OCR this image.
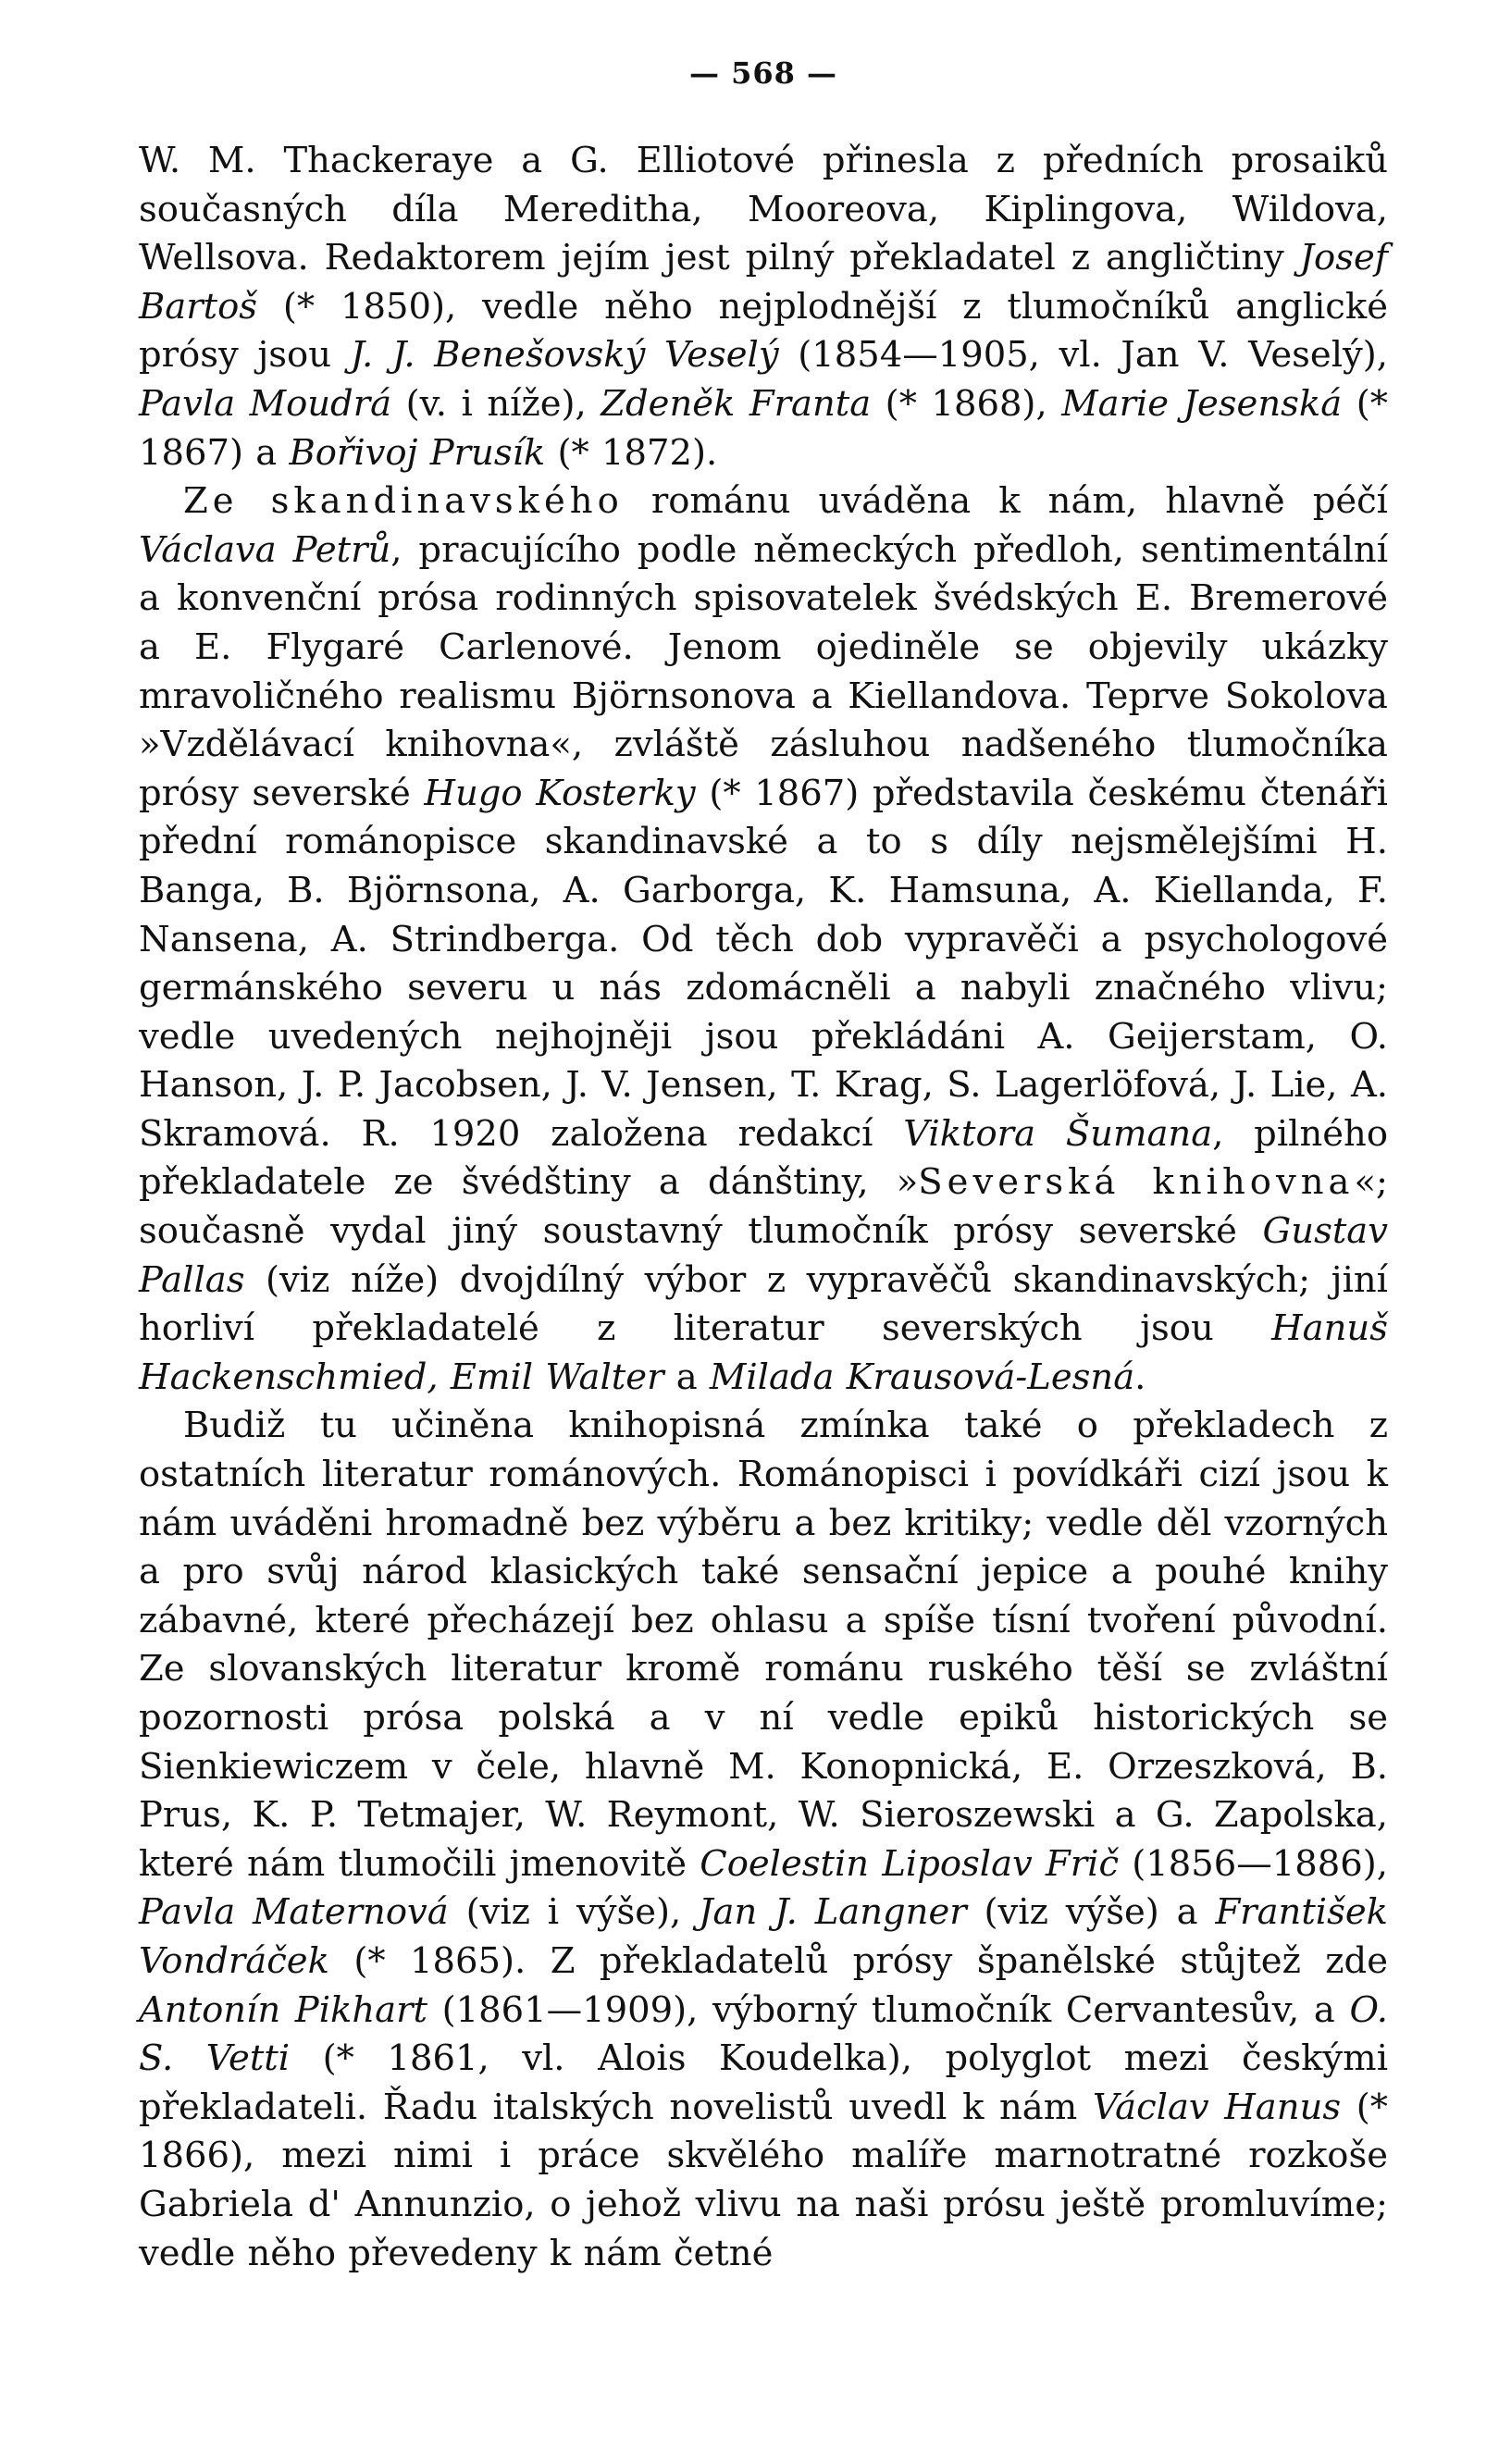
— 568 —

W. M. Thackeraye a G. Elliotové přinesla z předních prosaiků současných díla Mereditha, Mooreova, Kiplingova, Wildova, Wellsova. Redaktorem jejím jest pilný překladatel z angličtiny Josef Bartoš (* 1850), vedle něho nejplodnější z tlumočníků anglické prósy jsou J. J. Benešovský Veselý (1854—1905, vl. Jan V. Veselý), Pavla Moudrá (v. i níže), Zdeněk Franta (* 1868), Marie Jesenská (* 1867) a Bořivoj Prusík (* 1872).

Ze skandinavského románu uváděna k nám, hlavně péčí Václava Petrů, pracujícího podle německých předloh, sentimentální a konvenční prósa rodinných spisovatelek švédských E. Bremerové a E. Flygaré Carlenové. Jenom ojediněle se objevily ukázky mravoličného realismu Björnsonova a Kiellandova. Teprve Sokolova »Vzdělávací knihovna«, zvláště zásluhou nadšeného tlumočníka prósy severské Hugo Kosterky (* 1867) představila českému čtenáři přední románopisce skandinavské a to s díly nejsmělejšími H. Banga, B. Björnsona, A. Garborga, K. Hamsuna, A. Kiellanda, F. Nansena, A. Strindberga. Od těch dob vypravěči a psychologové germánského severu u nás zdomácněli a nabyli značného vlivu; vedle uvedených nejhojněji jsou překládáni A. Geijerstam, O. Hanson, J. P. Jacobsen, J. V. Jensen, T. Krag, S. Lagerlöfová, J. Lie, A. Skramová. R. 1920 založena redakcí Viktora Šumana, pilného překladatele ze švédštiny a dánštiny, »Severská knihovna«; současně vydal jiný soustavný tlumočník prósy severské Gustav Pallas (viz níže) dvojdílný výbor z vypravěčů skandinavských; jiní horliví překladatelé z literatur severských jsou Hanuš Hackenschmied, Emil Walter a Milada Krausová-Lesná.

Budiž tu učiněna knihopisná zmínka také o překladech z ostatních literatur románových. Románopisci i povídkáři cizí jsou k nám uváděni hromadně bez výběru a bez kritiky; vedle děl vzorných a pro svůj národ klasických také sensační jepice a pouhé knihy zábavné, které přecházejí bez ohlasu a spíše tísní tvoření původní. Ze slovanských literatur kromě románu ruského těší se zvláštní pozornosti prósa polská a v ní vedle epiků historických se Sienkiewiczem v čele, hlavně M. Konopnická, E. Orzeszková, B. Prus, K. P. Tetmajer, W. Reymont, W. Sieroszewski a G. Zapolska, které nám tlumočili jmenovitě Coelestin Liposlav Frič (1856—1886), Pavla Maternová (viz i výše), Jan J. Langner (viz výše) a František Vondráček (* 1865). Z překladatelů prósy španělské stůjtež zde Antonín Pikhart (1861—1909), výborný tlumočník Cervantesův, a O. S. Vetti (* 1861, vl. Alois Koudelka), polyglot mezi českými překladateli. Řadu italských novelistů uvedl k nám Václav Hanus (* 1866), mezi nimi i práce skvělého malíře marnotratné rozkoše Gabriela d' Annunzio, o jehož vlivu na naši prósu ještě promluvíme; vedle něho převedeny k nám četné
